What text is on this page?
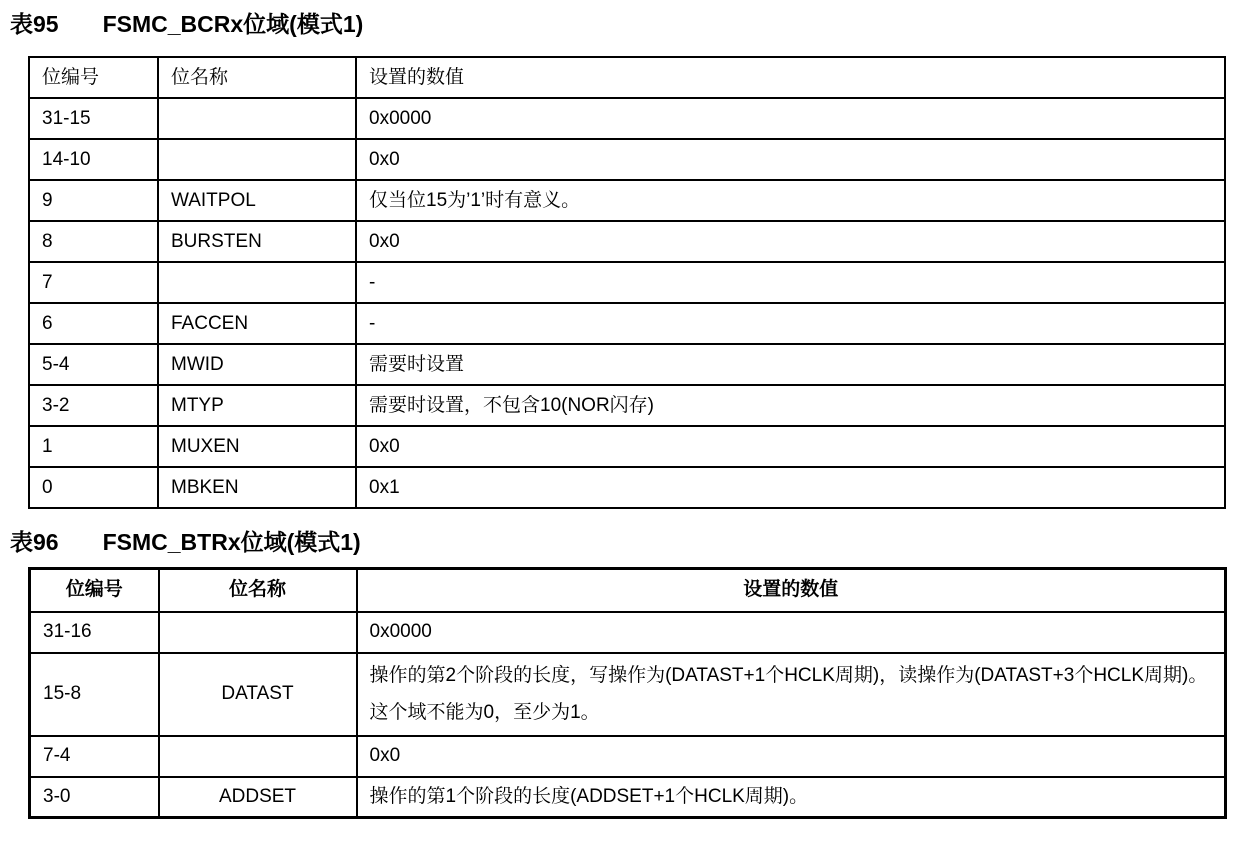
表95 FSMC_BCRx位域(模式1)
位编号	位名称	设置的数值
31-15		0x0000
14-10		0x0
9	WAITPOL	仅当位15为’1’时有意义。
8	BURSTEN	0x0
7		-
6	FACCEN	-
5-4	MWID	需要时设置
3-2	MTYP	需要时设置，不包含10(NOR闪存)
1	MUXEN	0x0
0	MBKEN	0x1
表96 FSMC_BTRx位域(模式1)
位编号	位名称	设置的数值
31-16		0x0000
15-8	DATAST	操作的第2个阶段的长度，写操作为(DATAST+1个HCLK周期)，读操作为(DATAST+3个HCLK周期)。这个域不能为0，至少为1。
7-4		0x0
3-0	ADDSET	操作的第1个阶段的长度(ADDSET+1个HCLK周期)。
